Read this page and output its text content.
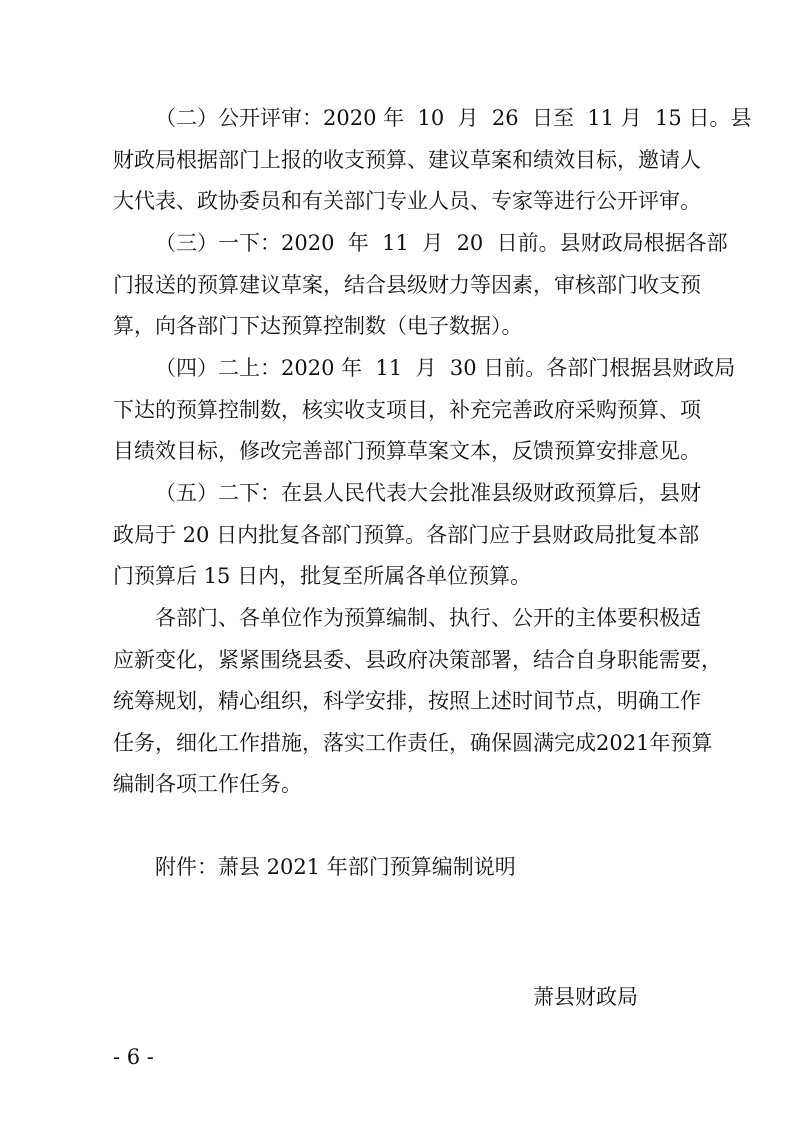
（二）公开评审：2020 年  10  月  26  日至  11 月  15 日。县
财政局根据部门上报的收支预算、建议草案和绩效目标，邀请人
大代表、政协委员和有关部门专业人员、专家等进行公开评审。
（三）一下：2020  年  11  月  20  日前。县财政局根据各部
门报送的预算建议草案，结合县级财力等因素，审核部门收支预
算，向各部门下达预算控制数（电子数据）。
（四）二上：2020 年  11  月  30 日前。各部门根据县财政局
下达的预算控制数，核实收支项目，补充完善政府采购预算、项
目绩效目标，修改完善部门预算草案文本，反馈预算安排意见。
（五）二下：在县人民代表大会批准县级财政预算后，县财
政局于 20 日内批复各部门预算。各部门应于县财政局批复本部
门预算后 15 日内，批复至所属各单位预算。
各部门、各单位作为预算编制、执行、公开的主体要积极适
应新变化，紧紧围绕县委、县政府决策部署，结合自身职能需要，
统筹规划，精心组织，科学安排，按照上述时间节点，明确工作
任务，细化工作措施，落实工作责任，确保圆满完成2021年预算
编制各项工作任务。
附件：萧县 2021 年部门预算编制说明
萧县财政局
- 6 -
